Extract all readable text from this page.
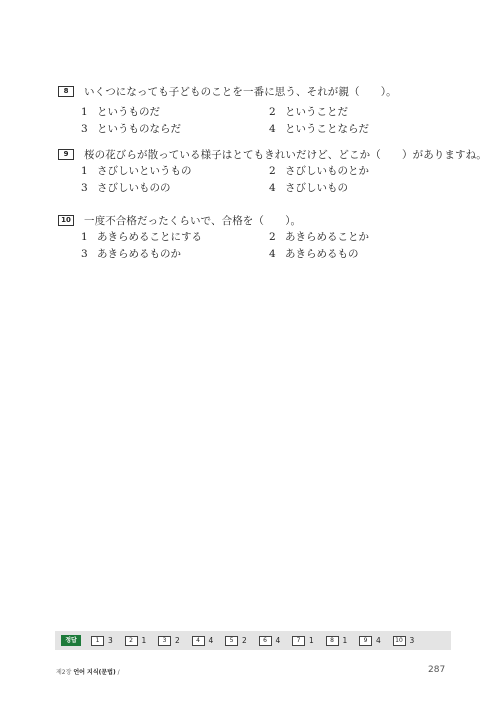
8	いくつになっても子どものことを一番に思う、それが親（　　）。
1 というものだ	2 ということだ
3 というものならだ	4 ということならだ
9	桜の花びらが散っている様子はとてもきれいだけど、どこか（　　）がありますね。
1 さびしいというもの	2 さびしいものとか
3 さびしいものの	4 さびしいもの
10 一度不合格だったくらいで、合格を（　　）。
1 あきらめることにする	2 あきらめることか
3 あきらめるものか	4 あきらめるもの
정답	1	3	2	1	3	2	4	4	5	2	6	4	7	1	8	1	9	4	10 3
제2장 언어 지식(문법) /	287
